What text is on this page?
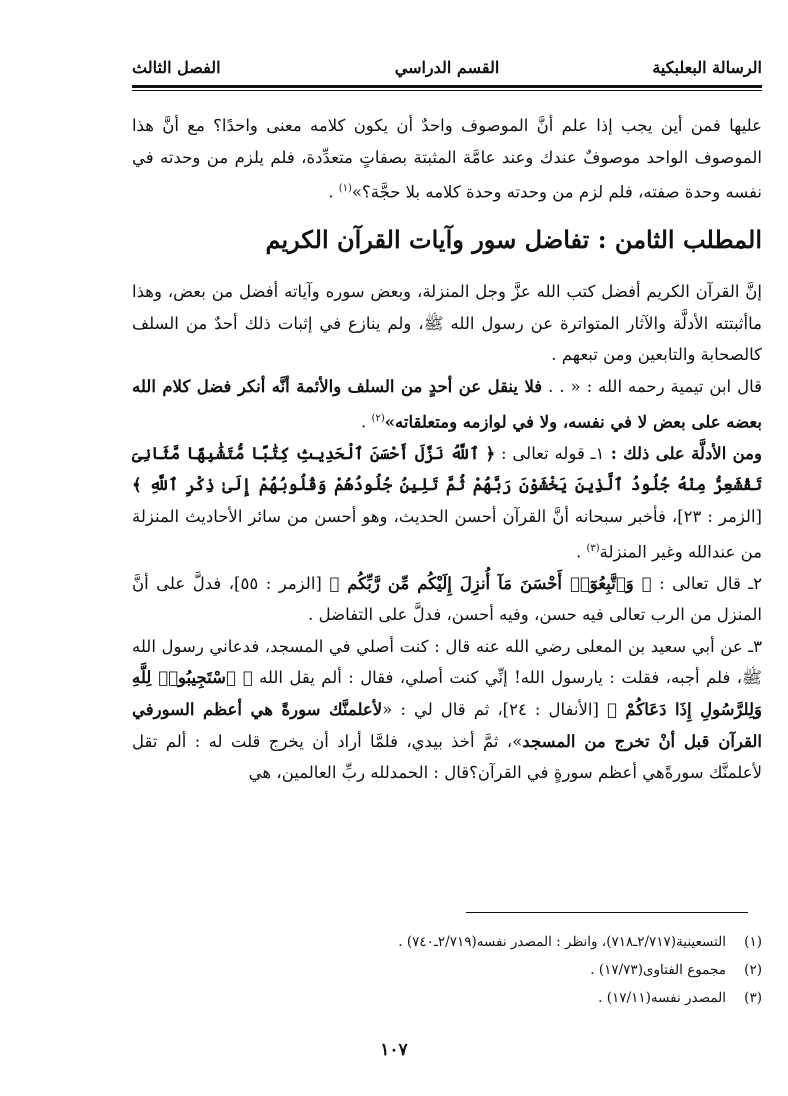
الرسالة البعلبكية
القسم الدراسي
الفصل الثالث

عليها فمن أين يجب إذا علم أنَّ الموصوف واحدٌ أن يكون كلامه معنى واحدًا؟ مع أنَّ هذا الموصوف الواحد موصوفٌ عندك وعند عامَّة المثبتة بصفاتٍ متعدِّدة، فلم يلزم من وحدته في نفسه وحدة صفته، فلم لزم من وحدته وحدة كلامه بلا حجَّة؟»$^{(١)}$ .

المطلب الثامن : تفاضل سور وآيات القرآن الكريم

إنَّ القرآن الكريم أفضل كتب الله عزَّ وجل المنزلة، وبعض سوره وآياته أفضل من بعض، وهذا ماأثبتته الأدلَّة والآثار المتواترة عن رسول الله ﷺ، ولم ينازع في إثبات ذلك أحدٌ من السلف كالصحابة والتابعين ومن تبعهم .

قال ابن تيمية رحمه الله : « . . فلا ينقل عن أحدٍ من السلف والأئمة أنَّه أنكر فضل كلام الله بعضه على بعض لا في نفسه، ولا في لوازمه ومتعلقاته»$^{(٢)}$ .

ومن الأدلَّة على ذلك : ١ـ قوله تعالى : ﴿ ٱللَّهُ نَزَّلَ أَحْسَنَ ٱلْحَدِيثِ كِتَٰبًا مُّتَشَٰبِهًا مَّثَانِىَ تَقْشَعِرُّ مِنْهُ جُلُودُ ٱلَّذِينَ يَخْشَوْنَ رَبَّهُمْ ثُمَّ تَلِينُ جُلُودُهُمْ وَقُلُوبُهُمْ إِلَىٰ ذِكْرِ ٱللَّهِ ﴾ [الزمر : ٢٣]، فأخبر سبحانه أنَّ القرآن أحسن الحديث، وهو أحسن من سائر الأحاديث المنزلة من عندالله وغير المنزلة$^{(٣)}$ .

٢ـ قال تعالى : ﴿ وَٱتَّبِعُوٓا۟ أَحْسَنَ مَآ أُنزِلَ إِلَيْكُم مِّن رَّبِّكُم ﴾ [الزمر : ٥٥]، فدلَّ على أنَّ المنزل من الرب تعالى فيه حسن، وفيه أحسن، فدلَّ على التفاضل .

٣ـ عن أبي سعيد بن المعلى رضي الله عنه قال : كنت أصلي في المسجد، فدعاني رسول الله ﷺ، فلم أجبه، فقلت : يارسول الله! إنِّي كنت أصلي، فقال : ألم يقل الله ﴿ ٱسْتَجِيبُوا۟ لِلَّهِ وَلِلرَّسُولِ إِذَا دَعَاكُمْ ﴾ [الأنفال : ٢٤]، ثم قال لي : «لأعلمنَّك سورةً هي أعظم السورفي القرآن قبل أنْ تخرج من المسجد»، ثمَّ أخذ بيدي، فلمَّا أراد أن يخرج قلت له : ألم تقل لأعلمنَّك سورةًهي أعظم سورةٍ في القرآن؟قال : الحمدلله ربِّ العالمين، هي

(١)
التسعينية(٢/٧١٧ـ٧١٨)، وانظر : المصدر نفسه(٢/٧١٩ـ٧٤٠) .
(٢)
مجموع الفتاوى(١٧/٧٣) .
(٣)
المصدر نفسه(١٧/١١) .
١٠٧
